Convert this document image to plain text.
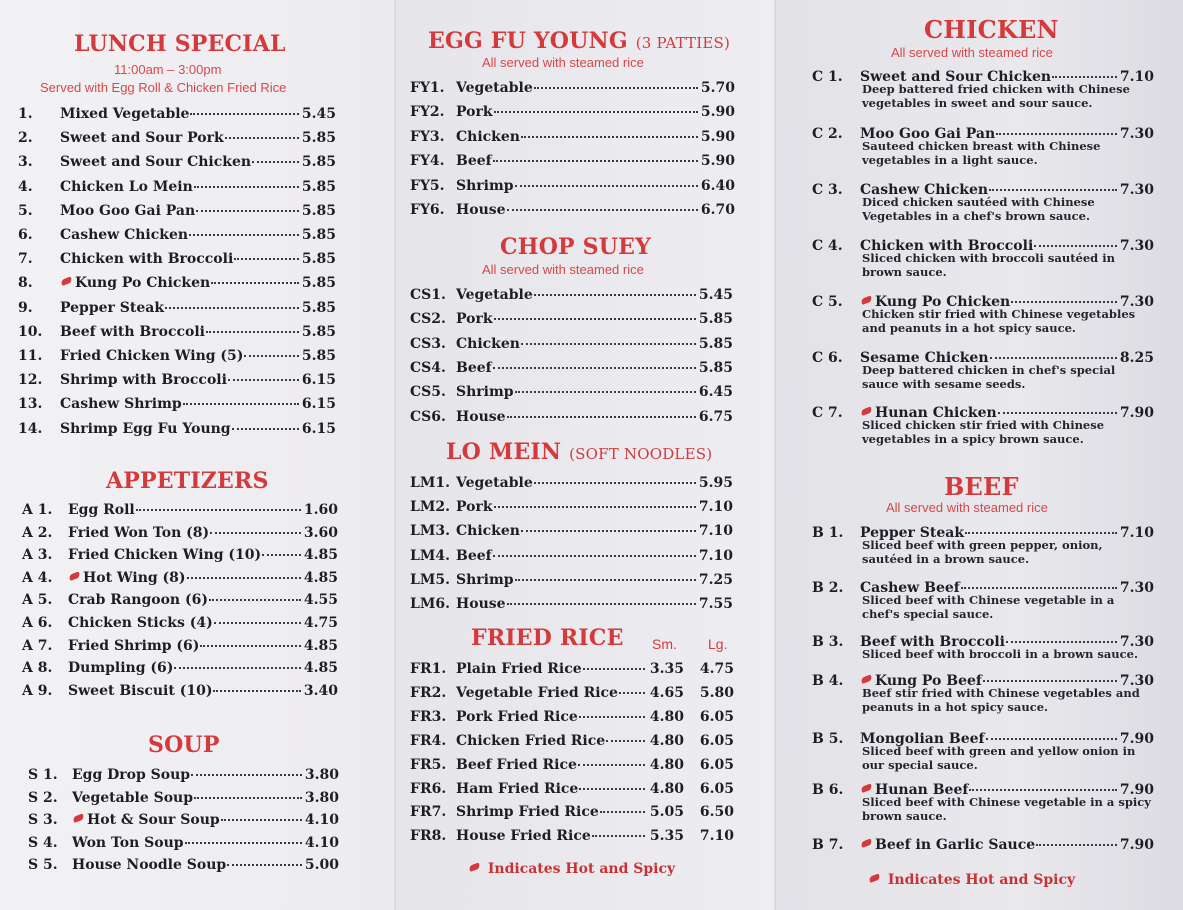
LUNCH SPECIAL
11:00am – 3:00pm
Served with Egg Roll & Chicken Fried Rice
1.	Mixed Vegetable	5.45
2.	Sweet and Sour Pork	5.85
3.	Sweet and Sour Chicken	5.85
4.	Chicken Lo Mein	5.85
5.	Moo Goo Gai Pan	5.85
6.	Cashew Chicken	5.85
7.	Chicken with Broccoli	5.85
8.	Kung Po Chicken	5.85
9.	Pepper Steak	5.85
10.	Beef with Broccoli	5.85
11.	Fried Chicken Wing (5)	5.85
12.	Shrimp with Broccoli	6.15
13.	Cashew Shrimp	6.15
14.	Shrimp Egg Fu Young	6.15
APPETIZERS
A 1.	Egg Roll	1.60
A 2.	Fried Won Ton (8)	3.60
A 3.	Fried Chicken Wing (10)	4.85
A 4.	Hot Wing (8)	4.85
A 5.	Crab Rangoon (6)	4.55
A 6.	Chicken Sticks (4)	4.75
A 7.	Fried Shrimp (6)	4.85
A 8.	Dumpling (6)	4.85
A 9.	Sweet Biscuit (10)	3.40
SOUP
S 1.	Egg Drop Soup	3.80
S 2.	Vegetable Soup	3.80
S 3.	Hot & Sour Soup	4.10
S 4.	Won Ton Soup	4.10
S 5.	House Noodle Soup	5.00
EGG FU YOUNG (3 PATTIES)
All served with steamed rice
FY1. Vegetable	5.70
FY2. Pork	5.90
FY3. Chicken	5.90
FY4. Beef	5.90
FY5. Shrimp	6.40
FY6. House	6.70
CHOP SUEY
All served with steamed rice
CS1. Vegetable	5.45
CS2. Pork	5.85
CS3. Chicken	5.85
CS4. Beef	5.85
CS5. Shrimp	6.45
CS6. House	6.75
LO MEIN (SOFT NOODLES)
LM1. Vegetable	5.95
LM2. Pork	7.10
LM3. Chicken	7.10
LM4. Beef	7.10
LM5. Shrimp	7.25
LM6. House	7.55
FRIED RICE Sm. Lg.
FR1. Plain Fried Rice	3.35	4.75
FR2. Vegetable Fried Rice 4.65	5.80
FR3. Pork Fried Rice	4.80	6.05
FR4. Chicken Fried Rice	4.80	6.05
FR5. Beef Fried Rice	4.80	6.05
FR6. Ham Fried Rice	4.80	6.05
FR7. Shrimp Fried Rice	5.05	6.50
FR8. House Fried Rice	5.35	7.10
Indicates Hot and Spicy
CHICKEN
All served with steamed rice
C 1.	Sweet and Sour Chicken	7.10
Deep battered fried chicken with Chinese
vegetables in sweet and sour sauce.
C 2.	Moo Goo Gai Pan	7.30
Sauteed chicken breast with Chinese
vegetables in a light sauce.
C 3.	Cashew Chicken	7.30
Diced chicken sautéed with Chinese
Vegetables in a chef's brown sauce.
C 4.	Chicken with Broccoli	7.30
Sliced chicken with broccoli sautéed in
brown sauce.
C 5.	Kung Po Chicken	7.30
Chicken stir fried with Chinese vegetables
and peanuts in a hot spicy sauce.
C 6.	Sesame Chicken	8.25
Deep battered chicken in chef's special
sauce with sesame seeds.
C 7.	Hunan Chicken	7.90
Sliced chicken stir fried with Chinese
vegetables in a spicy brown sauce.
BEEF
All served with steamed rice
B 1.	Pepper Steak	7.10
Sliced beef with green pepper, onion,
sautéed in a brown sauce.
B 2.	Cashew Beef	7.30
Sliced beef with Chinese vegetable in a
chef's special sauce.
B 3.	Beef with Broccoli	7.30
Sliced beef with broccoli in a brown sauce.
B 4.	Kung Po Beef	7.30
Beef stir fried with Chinese vegetables and
peanuts in a hot spicy sauce.
B 5.	Mongolian Beef	7.90
Sliced beef with green and yellow onion in
our special sauce.
B 6.	Hunan Beef	7.90
Sliced beef with Chinese vegetable in a spicy
brown sauce.
B 7.	Beef in Garlic Sauce	7.90
Indicates Hot and Spicy
